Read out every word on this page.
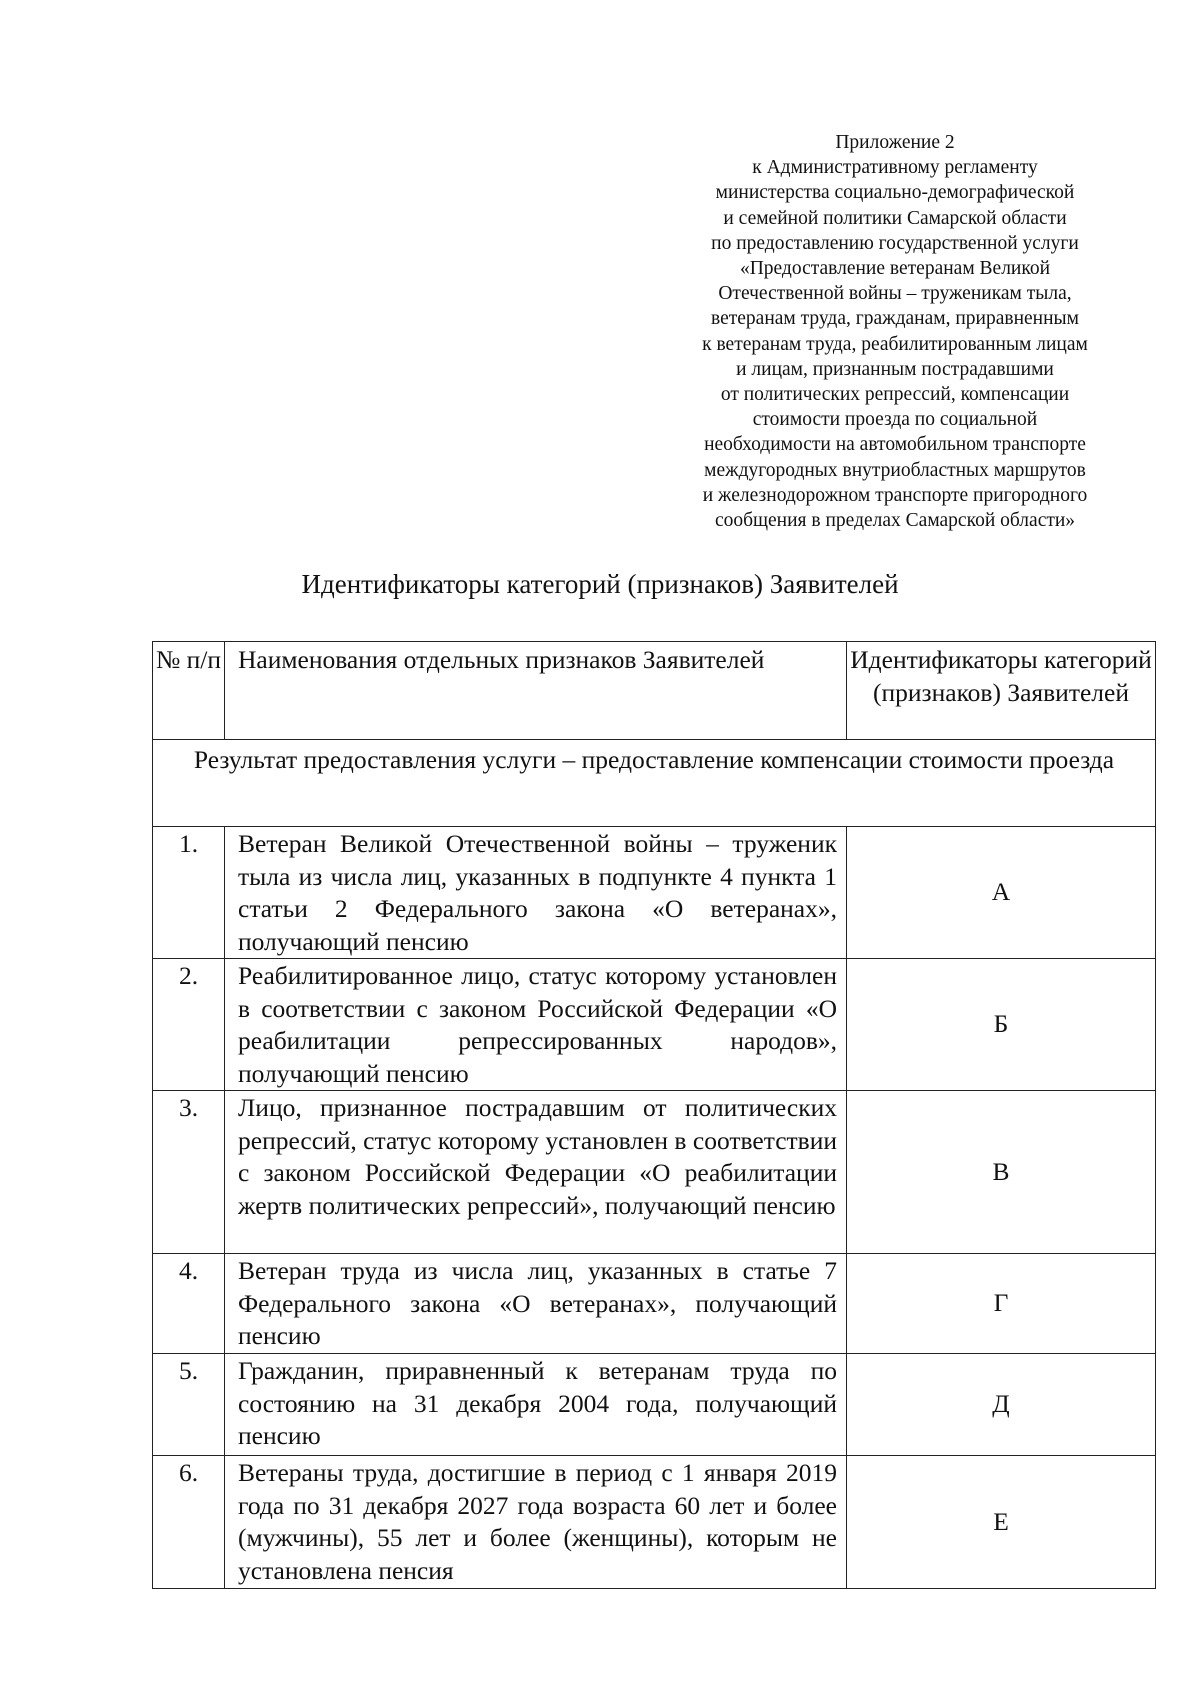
Приложение 2
к Административному регламенту
министерства социально-демографической
и семейной политики Самарской области
по предоставлению государственной услуги
«Предоставление ветеранам Великой
Отечественной войны – труженикам тыла,
ветеранам труда, гражданам, приравненным
к ветеранам труда, реабилитированным лицам
и лицам, признанным пострадавшими
от политических репрессий, компенсации
стоимости проезда по социальной
необходимости на автомобильном транспорте
междугородных внутриобластных маршрутов
и железнодорожном транспорте пригородного
сообщения в пределах Самарской области»
Идентификаторы категорий (признаков) Заявителей
№ п/п	Наименования отдельных признаков Заявителей	Идентификаторы категорий (признаков) Заявителей
Результат предоставления услуги – предоставление компенсации стоимости проезда		
1.	Ветеран Великой Отечественной войны – труженик тыла из числа лиц, указанных в подпункте 4 пункта 1 статьи 2 Федерального закона «О ветеранах», получающий пенсию	А
2.	Реабилитированное лицо, статус которому установлен в соответствии с законом Российской Федерации «О реабилитации репрессированных народов», получающий пенсию	Б
3.	Лицо, признанное пострадавшим от политических репрессий, статус которому установлен в соответствии с законом Российской Федерации «О реабилитации жертв политических репрессий», получающий пенсию	В
4.	Ветеран труда из числа лиц, указанных в статье 7 Федерального закона «О ветеранах», получающий пенсию	Г
5.	Гражданин, приравненный к ветеранам труда по состоянию на 31 декабря 2004 года, получающий пенсию	Д
6.	Ветераны труда, достигшие в период с 1 января 2019 года по 31 декабря 2027 года возраста 60 лет и более (мужчины), 55 лет и более (женщины), которым не установлена пенсия	Е
